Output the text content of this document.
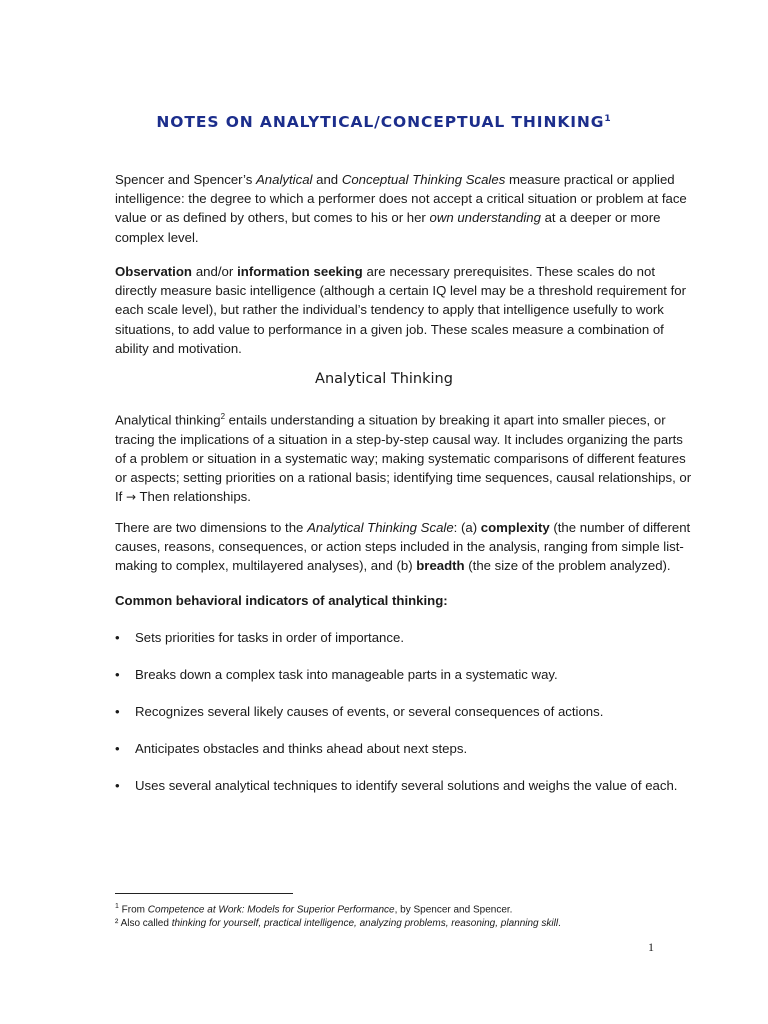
NOTES ON ANALYTICAL/CONCEPTUAL THINKING$^1$
Spencer and Spencer’s Analytical and Conceptual Thinking Scales measure practical or applied
intelligence: the degree to which a performer does not accept a critical situation or problem at face
value or as defined by others, but comes to his or her own understanding at a deeper or more
complex level.
Observation and/or information seeking are necessary prerequisites. These scales do not
directly measure basic intelligence (although a certain IQ level may be a threshold requirement for
each scale level), but rather the individual’s tendency to apply that intelligence usefully to work
situations, to add value to performance in a given job. These scales measure a combination of
ability and motivation.
Analytical Thinking
Analytical thinking$^2$ entails understanding a situation by breaking it apart into smaller pieces, or
tracing the implications of a situation in a step-by-step causal way. It includes organizing the parts
of a problem or situation in a systematic way; making systematic comparisons of different features
or aspects; setting priorities on a rational basis; identifying time sequences, causal relationships, or
If → Then relationships.
There are two dimensions to the Analytical Thinking Scale: (a) complexity (the number of different
causes, reasons, consequences, or action steps included in the analysis, ranging from simple list-
making to complex, multilayered analyses), and (b) breadth (the size of the problem analyzed).
Common behavioral indicators of analytical thinking:
•	Sets priorities for tasks in order of importance.
•	Breaks down a complex task into manageable parts in a systematic way.
•	Recognizes several likely causes of events, or several consequences of actions.
•	Anticipates obstacles and thinks ahead about next steps.
•	Uses several analytical techniques to identify several solutions and weighs the value of each.
$^1$ From Competence at Work: Models for Superior Performance, by Spencer and Spencer.
² Also called thinking for yourself, practical intelligence, analyzing problems, reasoning, planning skill.
1
